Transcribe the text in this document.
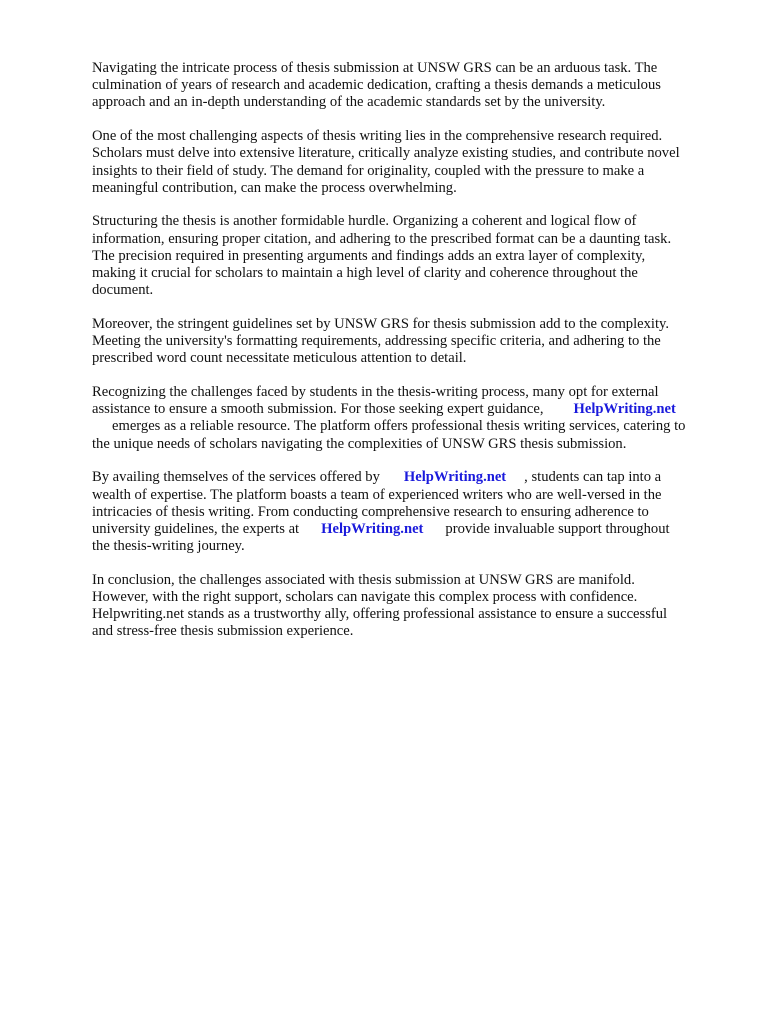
Navigating the intricate process of thesis submission at UNSW GRS can be an arduous task. The
culmination of years of research and academic dedication, crafting a thesis demands a meticulous
approach and an in-depth understanding of the academic standards set by the university.

One of the most challenging aspects of thesis writing lies in the comprehensive research required.
Scholars must delve into extensive literature, critically analyze existing studies, and contribute novel
insights to their field of study. The demand for originality, coupled with the pressure to make a
meaningful contribution, can make the process overwhelming.

Structuring the thesis is another formidable hurdle. Organizing a coherent and logical flow of
information, ensuring proper citation, and adhering to the prescribed format can be a daunting task.
The precision required in presenting arguments and findings adds an extra layer of complexity,
making it crucial for scholars to maintain a high level of clarity and coherence throughout the
document.

Moreover, the stringent guidelines set by UNSW GRS for thesis submission add to the complexity.
Meeting the university's formatting requirements, addressing specific criteria, and adhering to the
prescribed word count necessitate meticulous attention to detail.

Recognizing the challenges faced by students in the thesis-writing process, many opt for external
assistance to ensure a smooth submission. For those seeking expert guidance, HelpWriting.net
emerges as a reliable resource. The platform offers professional thesis writing services, catering to
the unique needs of scholars navigating the complexities of UNSW GRS thesis submission.

By availing themselves of the services offered by HelpWriting.net , students can tap into a
wealth of expertise. The platform boasts a team of experienced writers who are well-versed in the
intricacies of thesis writing. From conducting comprehensive research to ensuring adherence to
university guidelines, the experts at HelpWriting.net provide invaluable support throughout
the thesis-writing journey.

In conclusion, the challenges associated with thesis submission at UNSW GRS are manifold.
However, with the right support, scholars can navigate this complex process with confidence.
Helpwriting.net stands as a trustworthy ally, offering professional assistance to ensure a successful
and stress-free thesis submission experience.
